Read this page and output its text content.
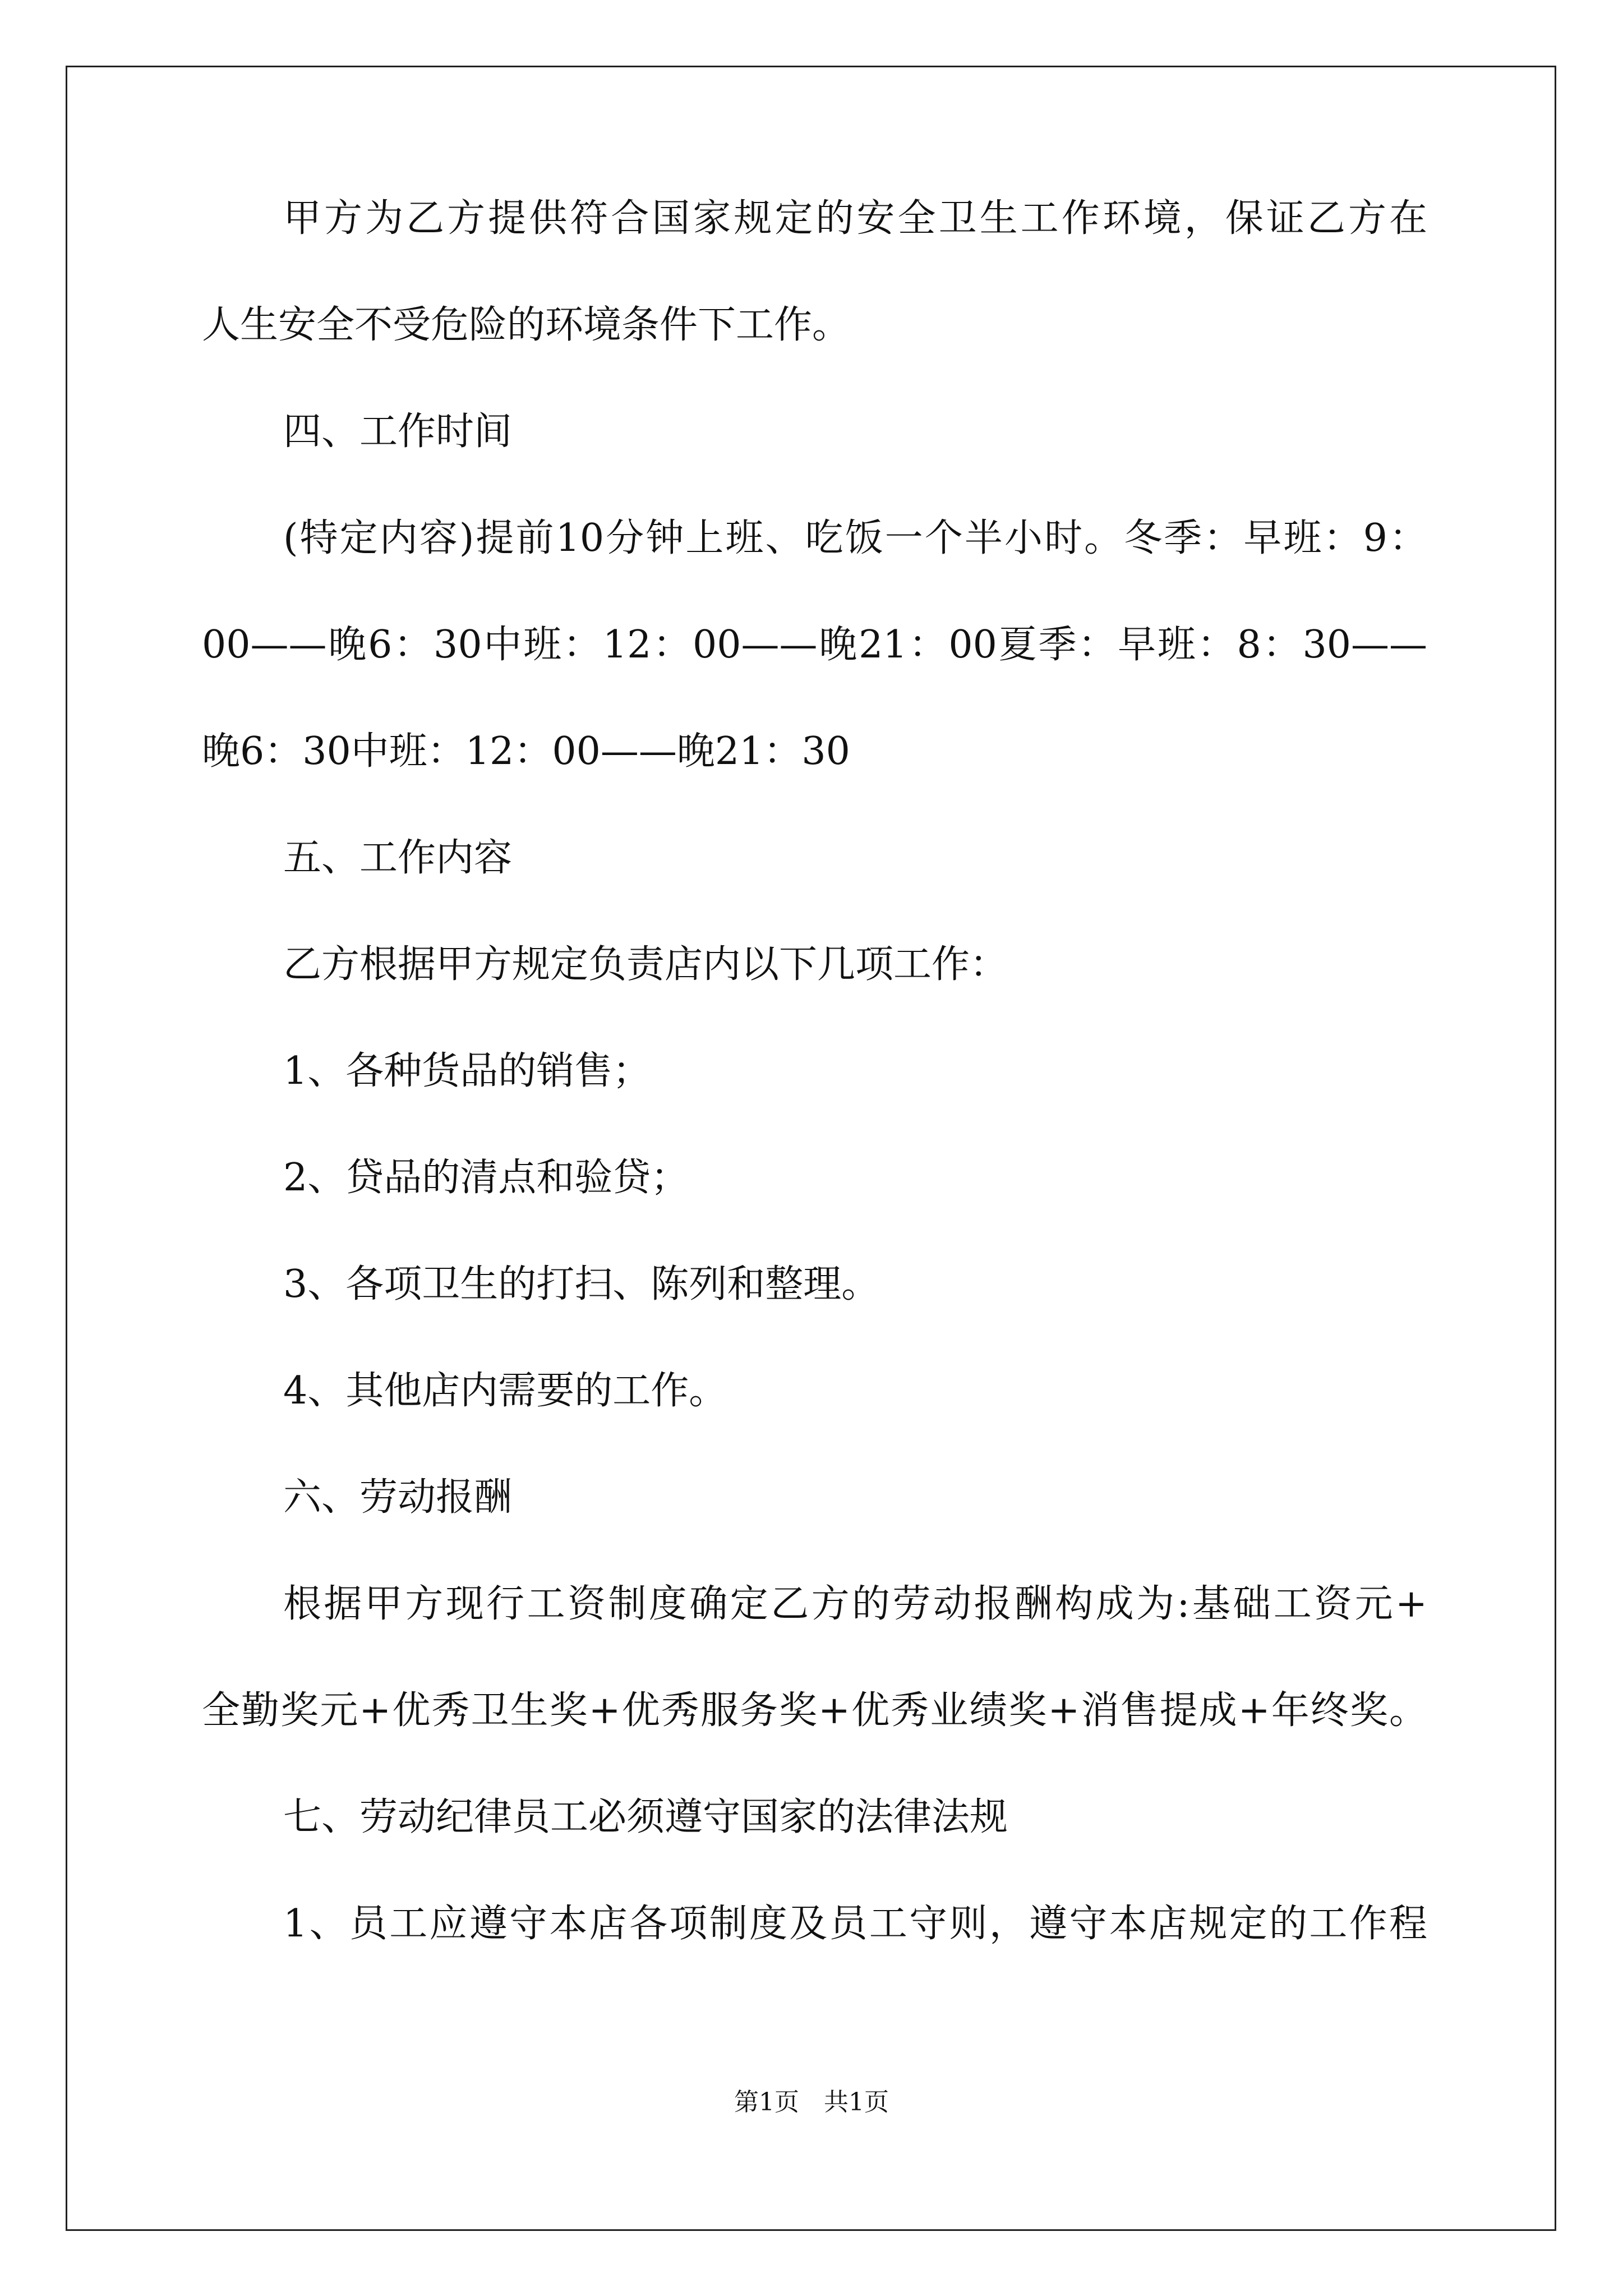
甲方为乙方提供符合国家规定的安全卫生工作环境，保证乙方在
人生安全不受危险的环境条件下工作。
四、工作时间
(特定内容)提前10分钟上班、吃饭一个半小时。冬季：早班：9：
00——晚6：30中班：12：00——晚21：00夏季：早班：8：30——
晚6：30中班：12：00——晚21：30
五、工作内容
乙方根据甲方规定负责店内以下几项工作：
1、各种货品的销售；
2、贷品的清点和验贷；
3、各项卫生的打扫、陈列和整理。
4、其他店内需要的工作。
六、劳动报酬
根据甲方现行工资制度确定乙方的劳动报酬构成为:基础工资元+
全勤奖元+优秀卫生奖+优秀服务奖+优秀业绩奖+消售提成+年终奖。
七、劳动纪律员工必须遵守国家的法律法规
1、员工应遵守本店各项制度及员工守则，遵守本店规定的工作程
第1页　共1页
